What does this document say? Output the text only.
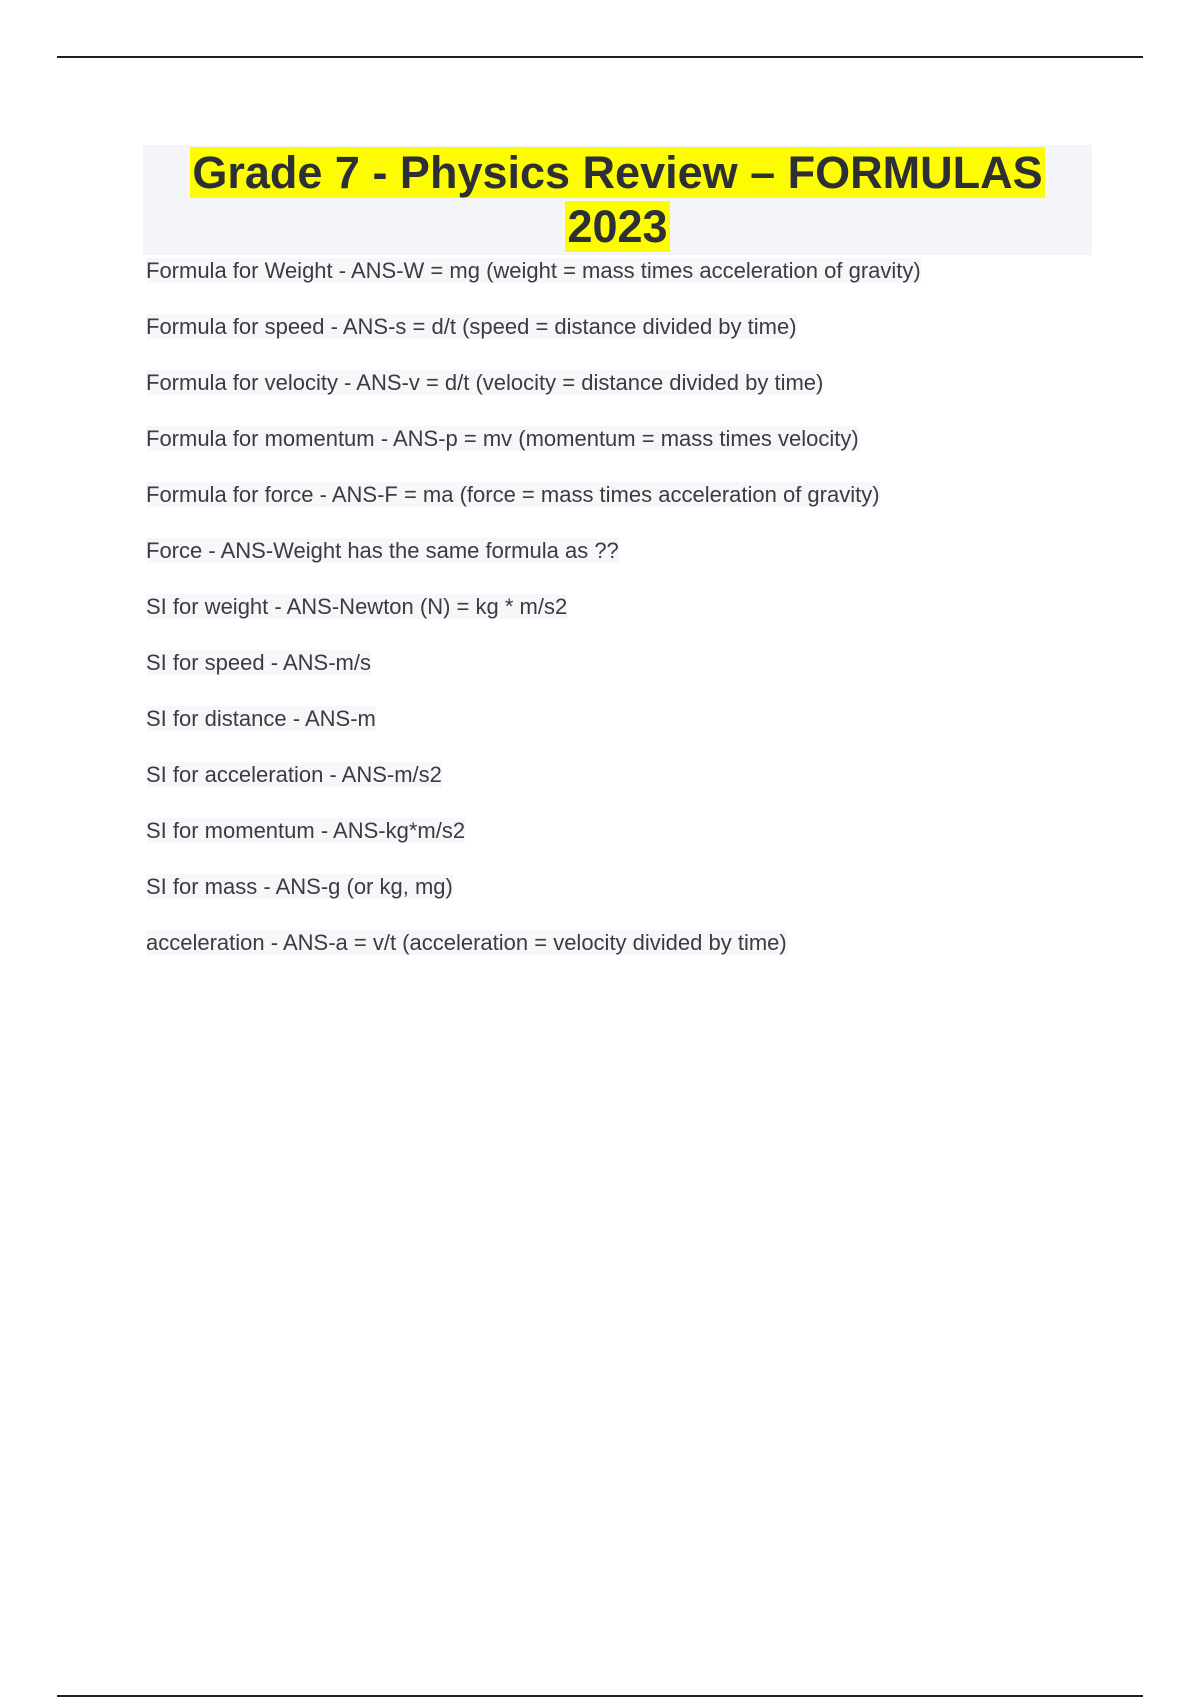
Grade 7 - Physics Review – FORMULAS
2023
Formula for Weight - ANS-W = mg (weight = mass times acceleration of gravity)
Formula for speed - ANS-s = d/t (speed = distance divided by time)
Formula for velocity - ANS-v = d/t (velocity = distance divided by time)
Formula for momentum - ANS-p = mv (momentum = mass times velocity)
Formula for force - ANS-F = ma (force = mass times acceleration of gravity)
Force - ANS-Weight has the same formula as ??
SI for weight - ANS-Newton (N) = kg * m/s2
SI for speed - ANS-m/s
SI for distance - ANS-m
SI for acceleration - ANS-m/s2
SI for momentum - ANS-kg*m/s2
SI for mass - ANS-g (or kg, mg)
acceleration - ANS-a = v/t (acceleration = velocity divided by time)
